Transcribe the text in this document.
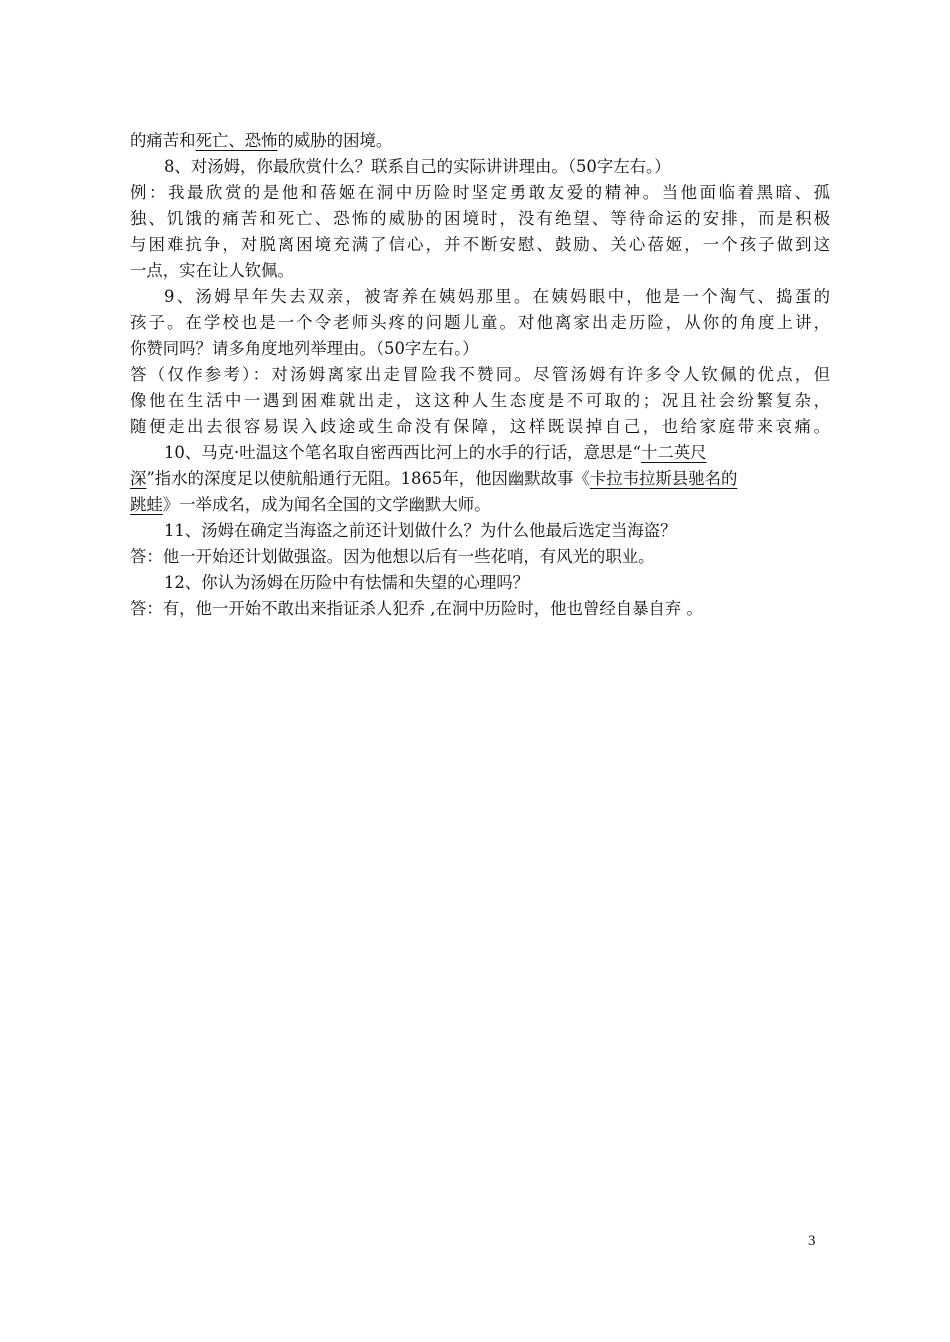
的痛苦和死亡、恐怖的威胁的困境。
8、对汤姆，你最欣赏什么？联系自己的实际讲讲理由。（50字左右。）
例：我最欣赏的是他和蓓姬在洞中历险时坚定勇敢友爱的精神。当他面临着黑暗、孤
独、饥饿的痛苦和死亡、恐怖的威胁的困境时，没有绝望、等待命运的安排，而是积极
与困难抗争，对脱离困境充满了信心，并不断安慰、鼓励、关心蓓姬，一个孩子做到这
一点，实在让人钦佩。
9、汤姆早年失去双亲，被寄养在姨妈那里。在姨妈眼中，他是一个淘气、捣蛋的
孩子。在学校也是一个令老师头疼的问题儿童。对他离家出走历险，从你的角度上讲，
你赞同吗？请多角度地列举理由。（50字左右。）
答（仅作参考）：对汤姆离家出走冒险我不赞同。尽管汤姆有许多令人钦佩的优点，但
像他在生活中一遇到困难就出走，这这种人生态度是不可取的；况且社会纷繁复杂，
随便走出去很容易误入歧途或生命没有保障，这样既误掉自己，也给家庭带来哀痛。
10、马克·吐温这个笔名取自密西西比河上的水手的行话，意思是“十二英尺
深”指水的深度足以使航船通行无阻。1865年，他因幽默故事《卡拉韦拉斯县驰名的
跳蛙》一举成名，成为闻名全国的文学幽默大师。
11、汤姆在确定当海盗之前还计划做什么？为什么他最后选定当海盗？
答：他一开始还计划做强盗。因为他想以后有一些花哨，有风光的职业。
12、你认为汤姆在历险中有怯懦和失望的心理吗？
答：有，他一开始不敢出来指证杀人犯乔 ,在洞中历险时，他也曾经自暴自弃 。
3
